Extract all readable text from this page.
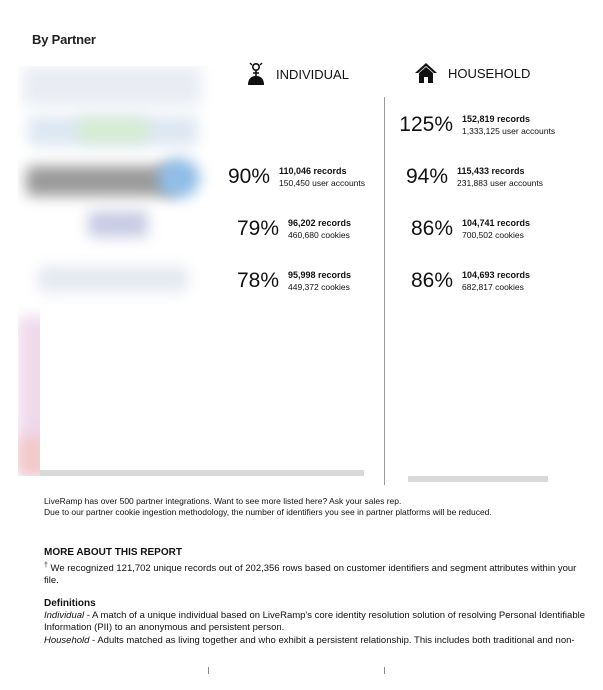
By Partner
INDIVIDUAL	HOUSEHOLD
90% 110,046 records
150,450 user accounts
79% 96,202 records
460,680 cookies
78% 95,998 records
449,372 cookies
125% 152,819 records
1,333,125 user accounts
94% 115,433 records
231,883 user accounts
86% 104,741 records
700,502 cookies
86% 104,693 records
682,817 cookies
LiveRamp has over 500 partner integrations. Want to see more listed here? Ask your sales rep.
Due to our partner cookie ingestion methodology, the number of identifiers you see in partner platforms will be reduced.
MORE ABOUT THIS REPORT
† We recognized 121,702 unique records out of 202,356 rows based on customer identifiers and segment attributes within your file.
Definitions
Individual - A match of a unique individual based on LiveRamp's core identity resolution solution of resolving Personal Identifiable Information (PII) to an anonymous and persistent person.
Household - Adults matched as living together and who exhibit a persistent relationship. This includes both traditional and non-
